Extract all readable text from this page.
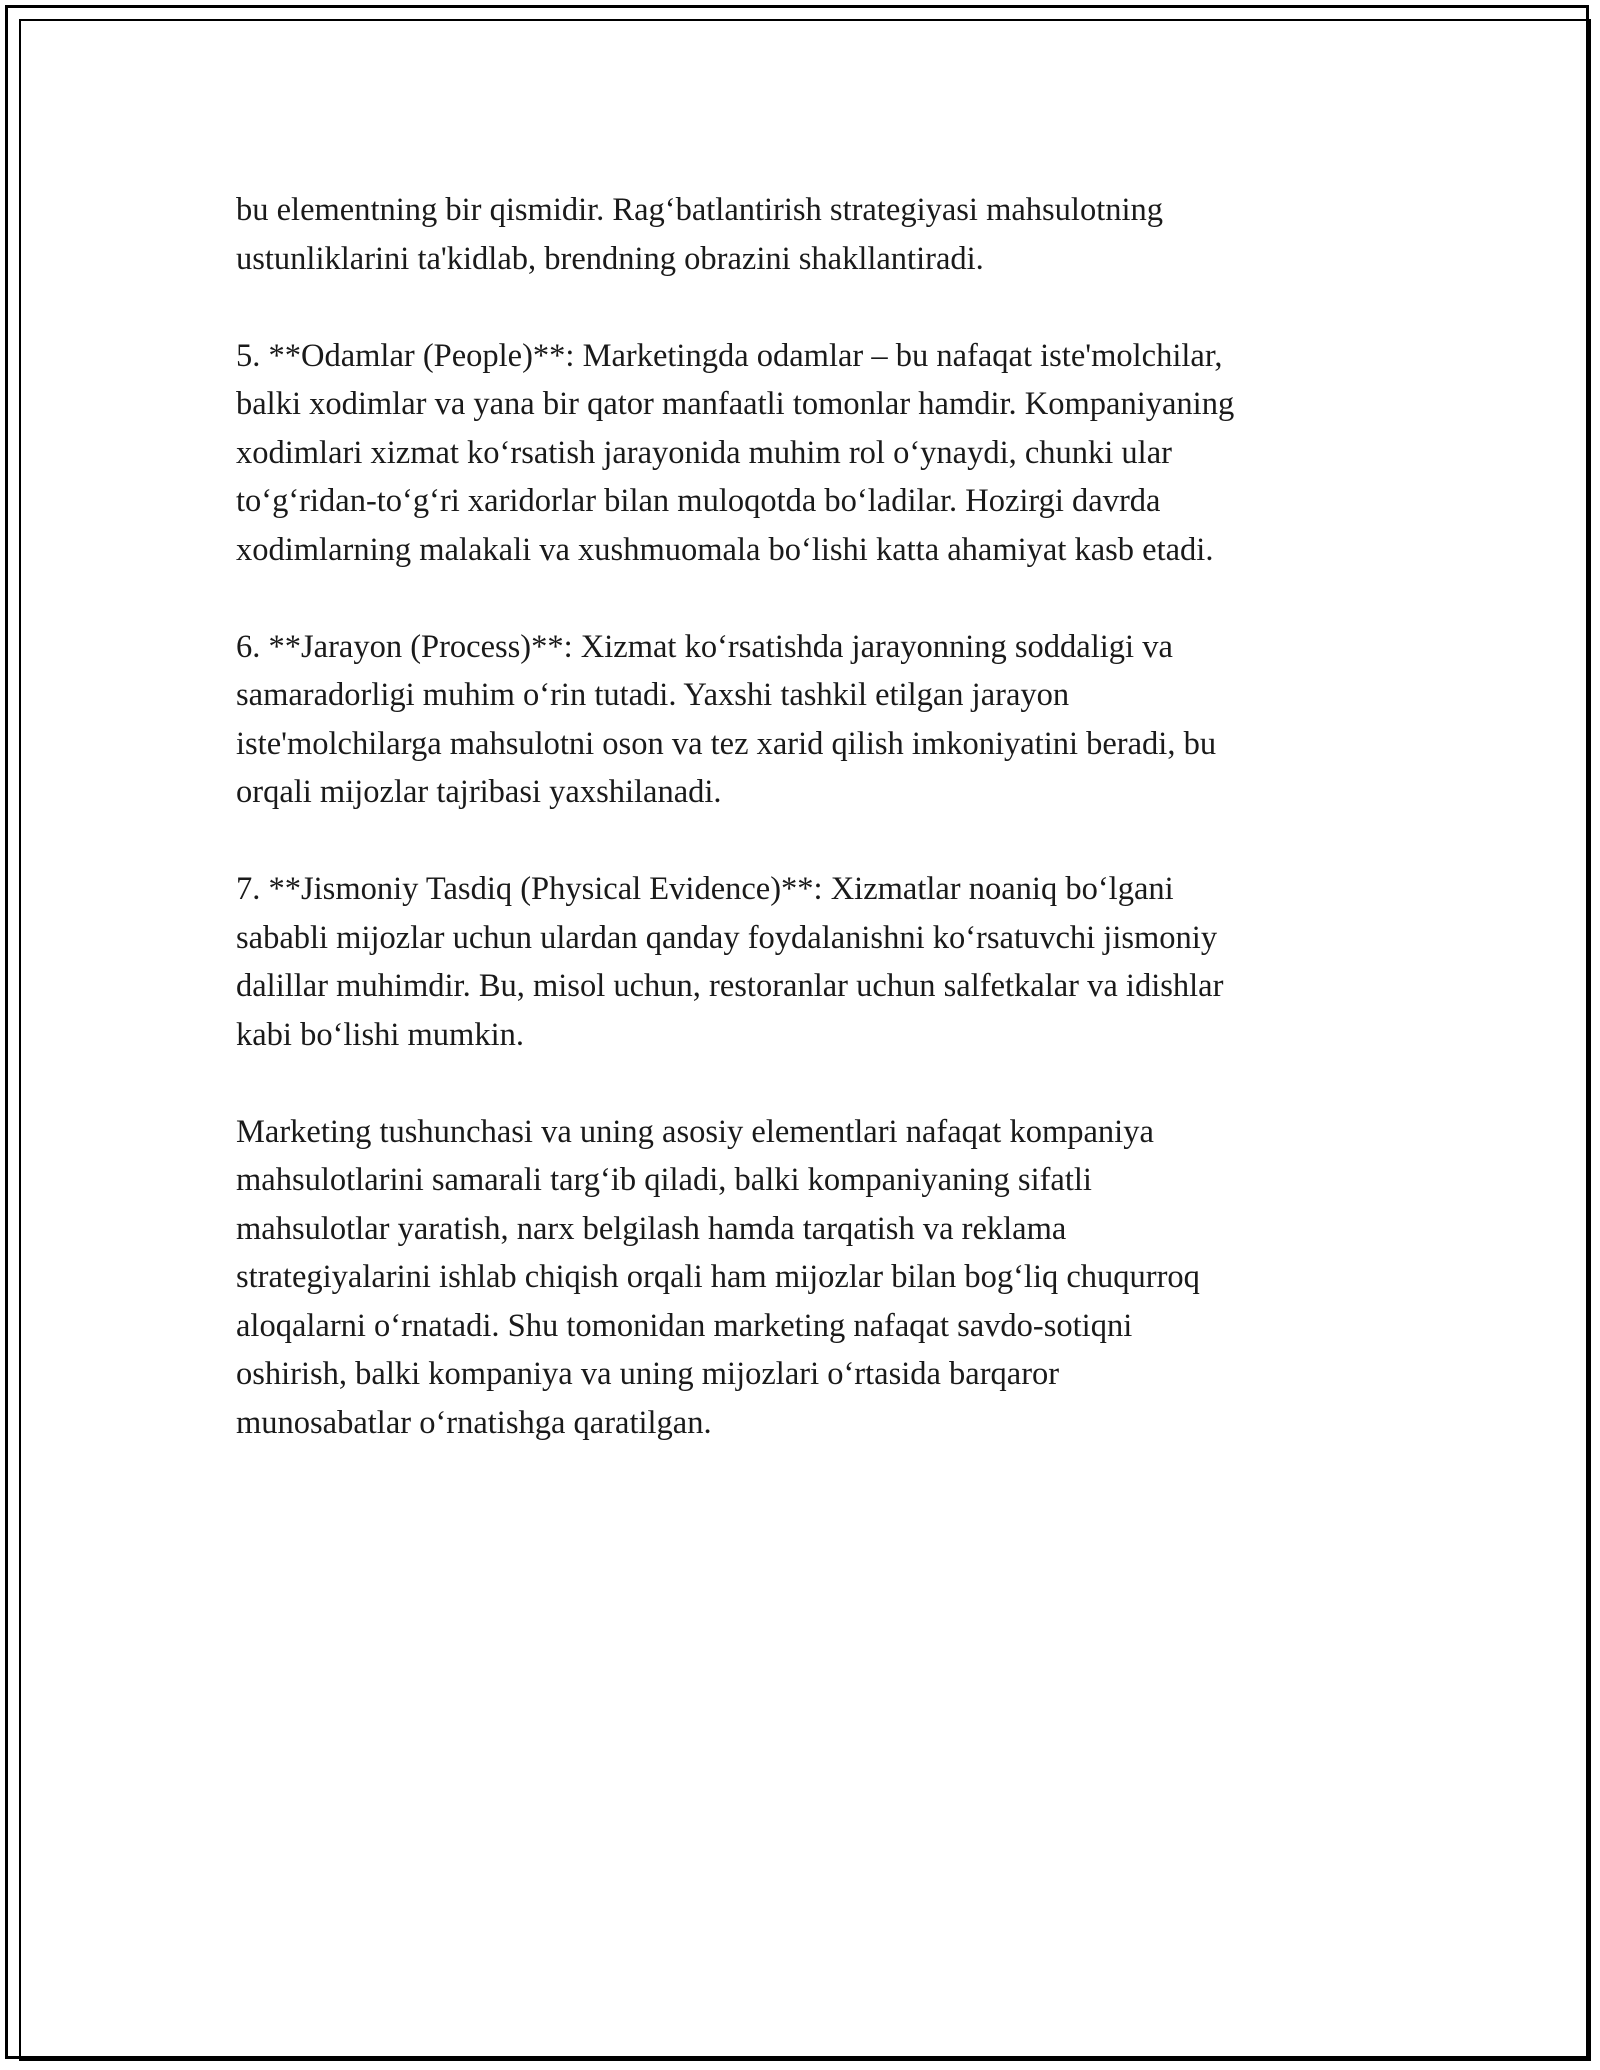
bu elementning bir qismidir. Rag‘batlantirish strategiyasi mahsulotning
ustunliklarini ta'kidlab, brendning obrazini shakllantiradi.

5. **Odamlar (People)**: Marketingda odamlar – bu nafaqat iste'molchilar,
balki xodimlar va yana bir qator manfaatli tomonlar hamdir. Kompaniyaning
xodimlari xizmat ko‘rsatish jarayonida muhim rol o‘ynaydi, chunki ular
to‘g‘ridan-to‘g‘ri xaridorlar bilan muloqotda bo‘ladilar. Hozirgi davrda
xodimlarning malakali va xushmuomala bo‘lishi katta ahamiyat kasb etadi.

6. **Jarayon (Process)**: Xizmat ko‘rsatishda jarayonning soddaligi va
samaradorligi muhim o‘rin tutadi. Yaxshi tashkil etilgan jarayon
iste'molchilarga mahsulotni oson va tez xarid qilish imkoniyatini beradi, bu
orqali mijozlar tajribasi yaxshilanadi.

7. **Jismoniy Tasdiq (Physical Evidence)**: Xizmatlar noaniq bo‘lgani
sababli mijozlar uchun ulardan qanday foydalanishni ko‘rsatuvchi jismoniy
dalillar muhimdir. Bu, misol uchun, restoranlar uchun salfetkalar va idishlar
kabi bo‘lishi mumkin.

Marketing tushunchasi va uning asosiy elementlari nafaqat kompaniya
mahsulotlarini samarali targ‘ib qiladi, balki kompaniyaning sifatli
mahsulotlar yaratish, narx belgilash hamda tarqatish va reklama
strategiyalarini ishlab chiqish orqali ham mijozlar bilan bog‘liq chuqurroq
aloqalarni o‘rnatadi. Shu tomonidan marketing nafaqat savdo-sotiqni
oshirish, balki kompaniya va uning mijozlari o‘rtasida barqaror
munosabatlar o‘rnatishga qaratilgan.
